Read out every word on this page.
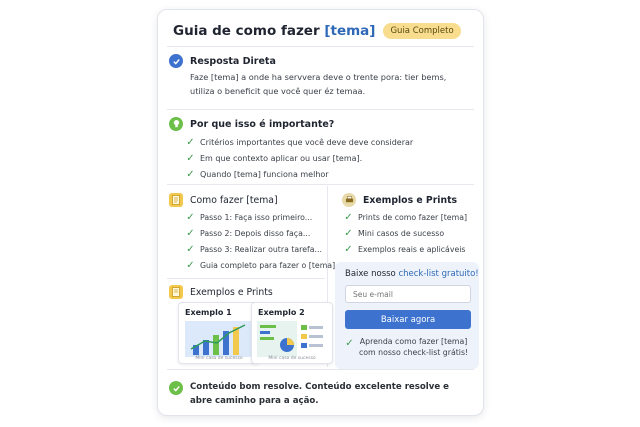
Guia de como fazer [tema]	Guia Completo
Resposta Direta
Faze [tema] a onde ha servvera deve o trente pora: tier bems,
utiliza o beneficit que você quer éz temaa.
Por que isso é importante?
✓ Critérios importantes que você deve deve considerar
✓ Em que contexto aplicar ou usar [tema].
✓ Quando [tema] funciona melhor
Como fazer [tema]
✓ Passo 1: Faça isso primeiro...
✓ Passo 2: Depois disso faça...
✓ Passo 3: Realizar outra tarefa...
✓ Guia completo para fazer o [tema]
Exemplos e Prints
✓ Prints de como fazer [tema]
✓ Mini casos de sucesso
✓ Exemplos reais e aplicáveis
Exemplos e Prints
Exemplo 1
Mini caso de sucesso
Exemplo 2
Mini caso de sucesso
Baixe nosso check-list gratuito!
Seu e-mail
Baixar agora
✓ Aprenda como fazer [tema]
com nosso check-list grátis!
Conteúdo bom resolve. Conteúdo excelente resolve e
abre caminho para a ação.
